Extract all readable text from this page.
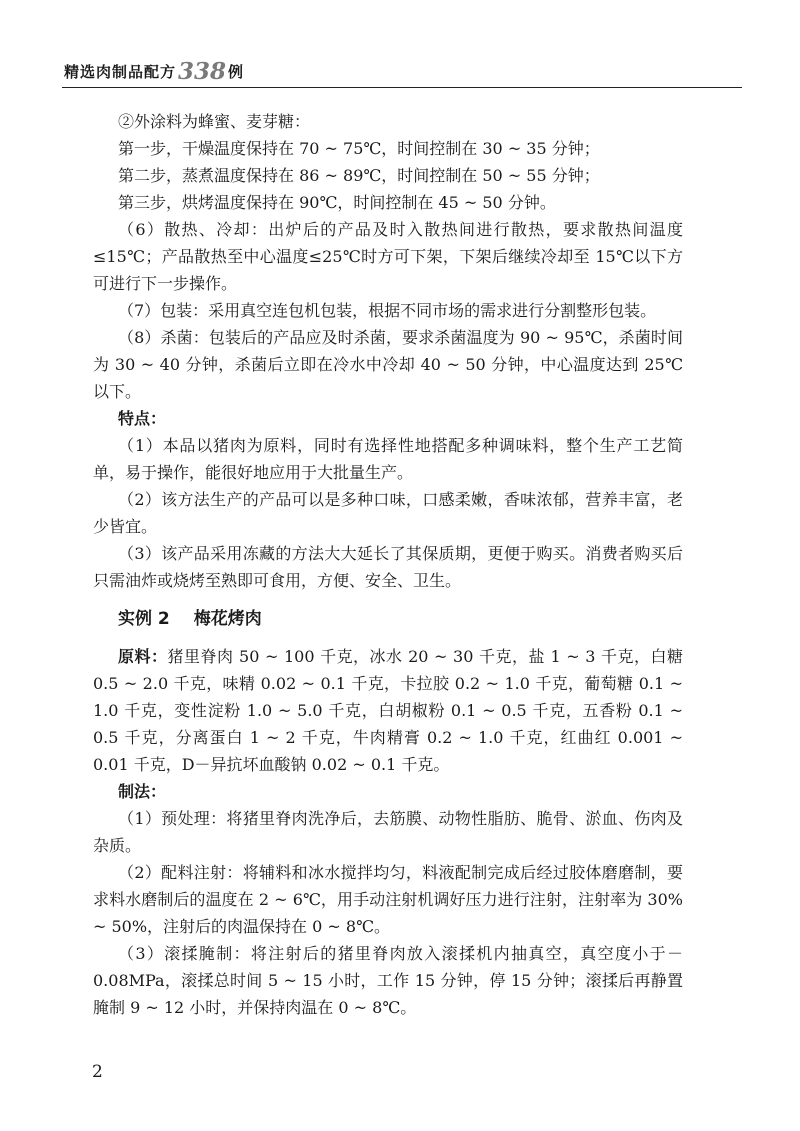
精选肉制品配方338 例

②外涂料为蜂蜜、麦芽糖：

第一步，干燥温度保持在 70 ~ 75℃，时间控制在 30 ~ 35 分钟；

第二步，蒸煮温度保持在 86 ~ 89℃，时间控制在 50 ~ 55 分钟；

第三步，烘烤温度保持在 90℃，时间控制在 45 ~ 50 分钟。

（6）散热、冷却：出炉后的产品及时入散热间进行散热，要求散热间温度≤15℃；产品散热至中心温度≤25℃时方可下架，下架后继续冷却至 15℃以下方可进行下一步操作。

（7）包装：采用真空连包机包装，根据不同市场的需求进行分割整形包装。

（8）杀菌：包装后的产品应及时杀菌，要求杀菌温度为 90 ~ 95℃，杀菌时间为 30 ~ 40 分钟，杀菌后立即在冷水中冷却 40 ~ 50 分钟，中心温度达到 25℃以下。

特点：

（1）本品以猪肉为原料，同时有选择性地搭配多种调味料，整个生产工艺简单，易于操作，能很好地应用于大批量生产。

（2）该方法生产的产品可以是多种口味，口感柔嫩，香味浓郁，营养丰富，老少皆宜。

（3）该产品采用冻藏的方法大大延长了其保质期，更便于购买。消费者购买后只需油炸或烧烤至熟即可食用，方便、安全、卫生。

实例 2 梅花烤肉

原料：猪里脊肉 50 ~ 100 千克，冰水 20 ~ 30 千克，盐 1 ~ 3 千克，白糖 0.5 ~ 2.0 千克，味精 0.02 ~ 0.1 千克，卡拉胶 0.2 ~ 1.0 千克，葡萄糖 0.1 ~ 1.0 千克，变性淀粉 1.0 ~ 5.0 千克，白胡椒粉 0.1 ~ 0.5 千克，五香粉 0.1 ~ 0.5 千克，分离蛋白 1 ~ 2 千克，牛肉精膏 0.2 ~ 1.0 千克，红曲红 0.001 ~ 0.01 千克，D－异抗坏血酸钠 0.02 ~ 0.1 千克。

制法：

（1）预处理：将猪里脊肉洗净后，去筋膜、动物性脂肪、脆骨、淤血、伤肉及杂质。

（2）配料注射：将辅料和冰水搅拌均匀，料液配制完成后经过胶体磨磨制，要求料水磨制后的温度在 2 ~ 6℃，用手动注射机调好压力进行注射，注射率为 30% ~ 50%，注射后的肉温保持在 0 ~ 8℃。

（3）滚揉腌制：将注射后的猪里脊肉放入滚揉机内抽真空，真空度小于－0.08MPa，滚揉总时间 5 ~ 15 小时，工作 15 分钟，停 15 分钟；滚揉后再静置腌制 9 ~ 12 小时，并保持肉温在 0 ~ 8℃。

2
